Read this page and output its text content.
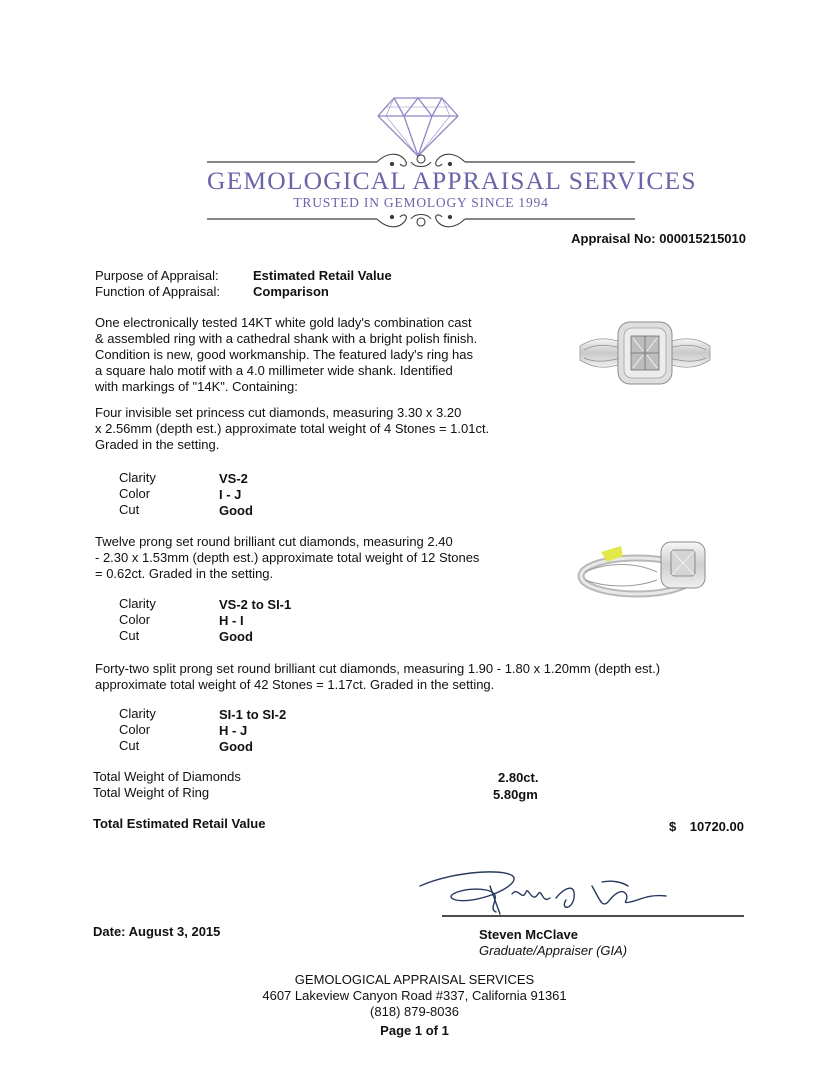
GEMOLOGICAL APPRAISAL SERVICES
TRUSTED IN GEMOLOGY SINCE 1994
Appraisal No: 000015215010
Purpose of Appraisal:	Estimated Retail Value
Function of Appraisal:	Comparison
One electronically tested 14KT white gold lady's combination cast
& assembled ring with a cathedral shank with a bright polish finish.
Condition is new, good workmanship. The featured lady's ring has
a square halo motif with a 4.0 millimeter wide shank. Identified
with markings of "14K". Containing:
Four invisible set princess cut diamonds, measuring 3.30 x 3.20
x 2.56mm (depth est.) approximate total weight of 4 Stones = 1.01ct.
Graded in the setting.
Clarity	VS-2
Color	I - J
Cut	Good
Twelve prong set round brilliant cut diamonds, measuring 2.40
- 2.30 x 1.53mm (depth est.) approximate total weight of 12 Stones
= 0.62ct. Graded in the setting.
Clarity	VS-2 to SI-1
Color	H - I
Cut	Good
Forty-two split prong set round brilliant cut diamonds, measuring 1.90 - 1.80 x 1.20mm (depth est.)
approximate total weight of 42 Stones = 1.17ct. Graded in the setting.
Clarity	SI-1 to SI-2
Color	H - J
Cut	Good
Total Weight of Diamonds	2.80ct.
Total Weight of Ring	5.80gm
Total Estimated Retail Value	$ 10720.00
Date: August 3, 2015	Steven McClave
Graduate/Appraiser (GIA)
GEMOLOGICAL APPRAISAL SERVICES
4607 Lakeview Canyon Road #337, California 91361
(818) 879-8036
Page 1 of 1
